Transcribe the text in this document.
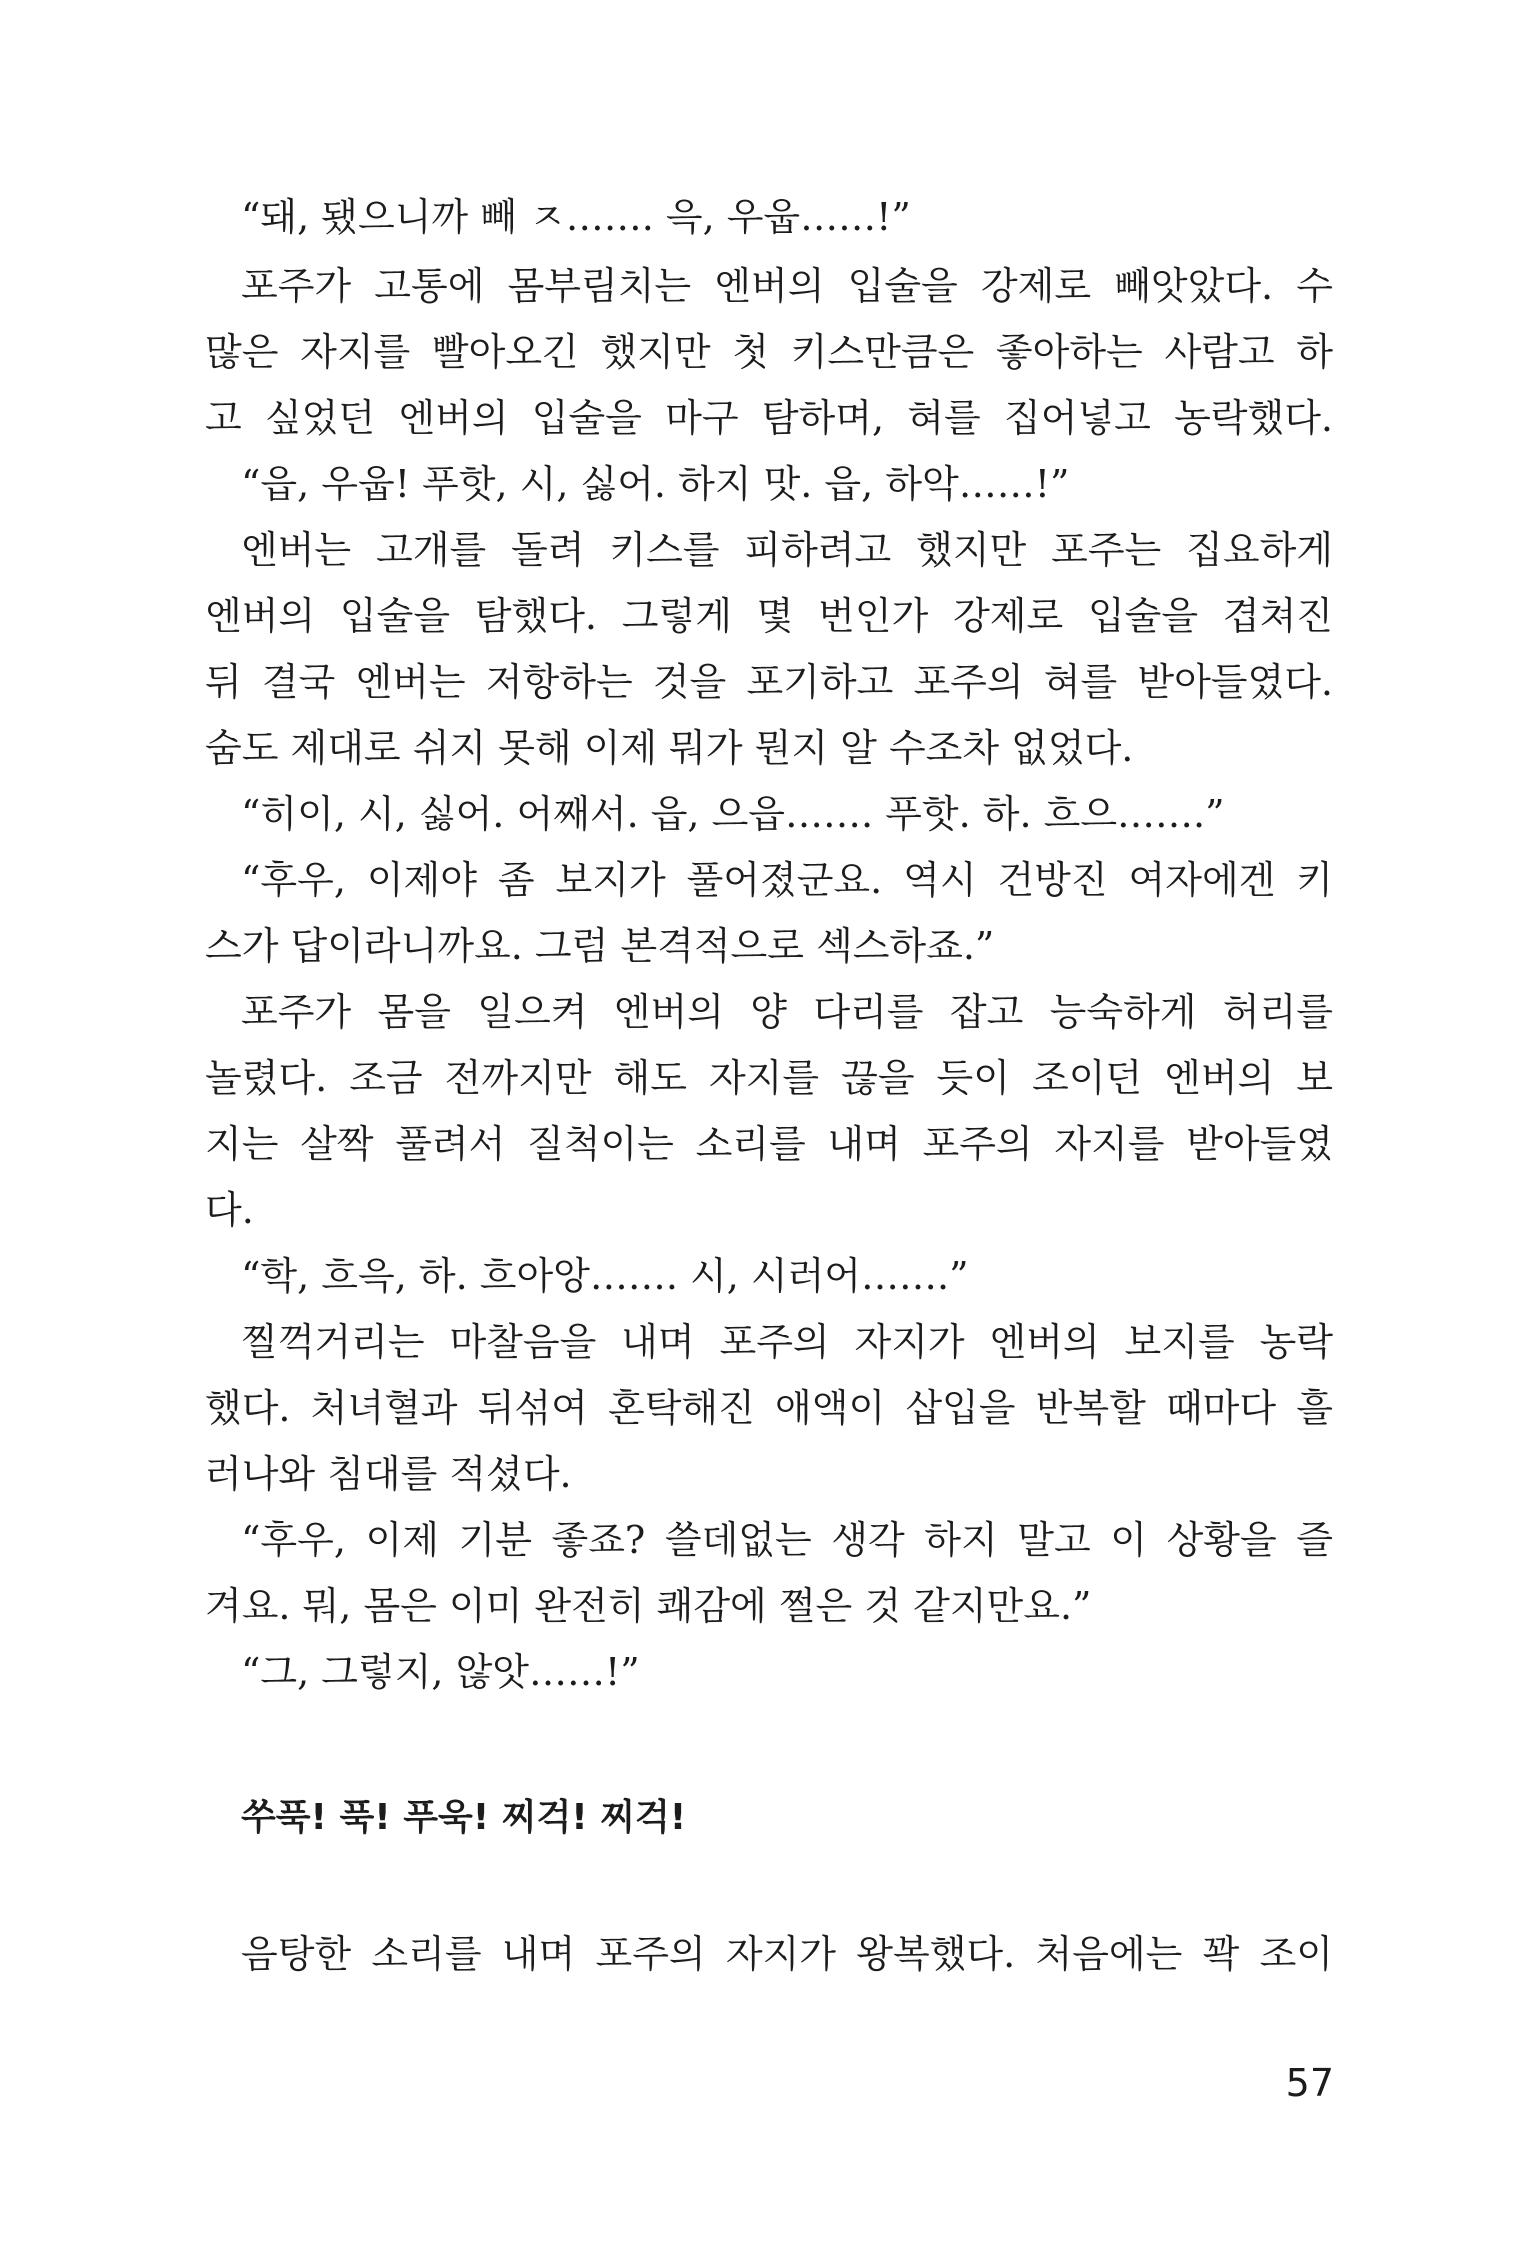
“돼, 됐으니까 빼 ㅈ……. 윽, 우웁……!”
포주가 고통에 몸부림치는 엔버의 입술을 강제로 빼앗았다. 수
많은 자지를 빨아오긴 했지만 첫 키스만큼은 좋아하는 사람고 하
고 싶었던 엔버의 입술을 마구 탐하며, 혀를 집어넣고 농락했다.
“읍, 우웁! 푸핫, 시, 싫어. 하지 맛. 읍, 하악……!”
엔버는 고개를 돌려 키스를 피하려고 했지만 포주는 집요하게
엔버의 입술을 탐했다. 그렇게 몇 번인가 강제로 입술을 겹쳐진
뒤 결국 엔버는 저항하는 것을 포기하고 포주의 혀를 받아들였다.
숨도 제대로 쉬지 못해 이제 뭐가 뭔지 알 수조차 없었다.
“히이, 시, 싫어. 어째서. 읍, 으읍……. 푸핫. 하. 흐으…….”
“후우, 이제야 좀 보지가 풀어졌군요. 역시 건방진 여자에겐 키
스가 답이라니까요. 그럼 본격적으로 섹스하죠.”
포주가 몸을 일으켜 엔버의 양 다리를 잡고 능숙하게 허리를
놀렸다. 조금 전까지만 해도 자지를 끊을 듯이 조이던 엔버의 보
지는 살짝 풀려서 질척이는 소리를 내며 포주의 자지를 받아들였
다.
“학, 흐윽, 하. 흐아앙……. 시, 시러어…….”
찔꺽거리는 마찰음을 내며 포주의 자지가 엔버의 보지를 농락
했다. 처녀혈과 뒤섞여 혼탁해진 애액이 삽입을 반복할 때마다 흘
러나와 침대를 적셨다.
“후우, 이제 기분 좋죠? 쓸데없는 생각 하지 말고 이 상황을 즐
겨요. 뭐, 몸은 이미 완전히 쾌감에 쩔은 것 같지만요.”
“그, 그렇지, 않앗……!”
쑤푹! 푹! 푸욱! 찌걱! 찌걱!
음탕한 소리를 내며 포주의 자지가 왕복했다. 처음에는 꽉 조이
57
